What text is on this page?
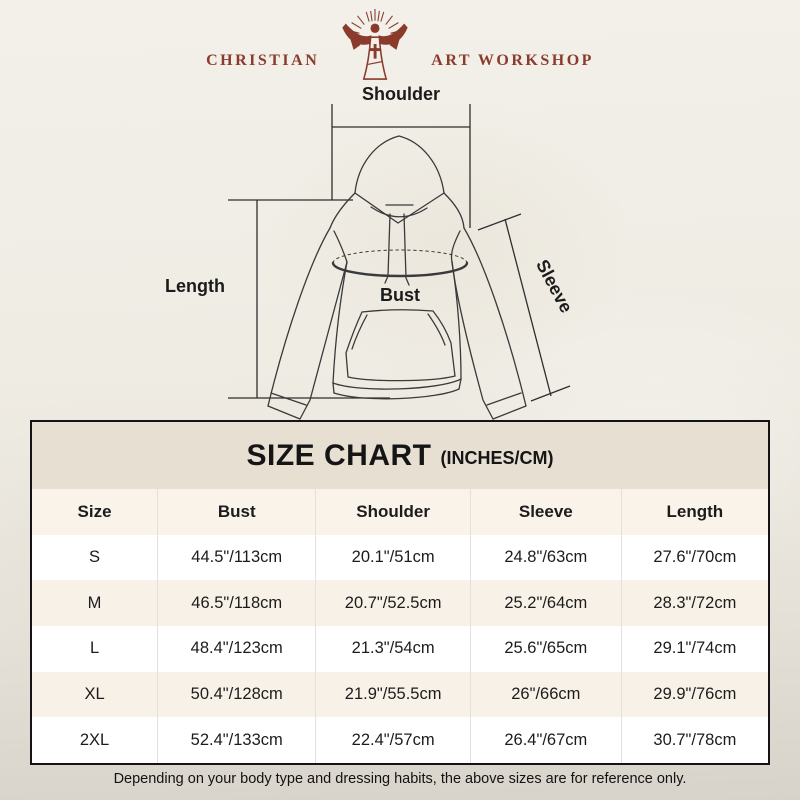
CHRISTIAN	ART WORKSHOP
Shoulder
Length	Bust	Sleeve
SIZE CHART (INCHES/CM)
Size	Bust	Shoulder	Sleeve	Length
S	44.5"/113cm	20.1"/51cm	24.8"/63cm	27.6"/70cm
M	46.5"/118cm	20.7"/52.5cm	25.2"/64cm	28.3"/72cm
L	48.4"/123cm	21.3"/54cm	25.6"/65cm	29.1"/74cm
XL	50.4"/128cm	21.9"/55.5cm	26"/66cm	29.9"/76cm
2XL	52.4"/133cm	22.4"/57cm	26.4"/67cm	30.7"/78cm
Depending on your body type and dressing habits, the above sizes are for reference only.
